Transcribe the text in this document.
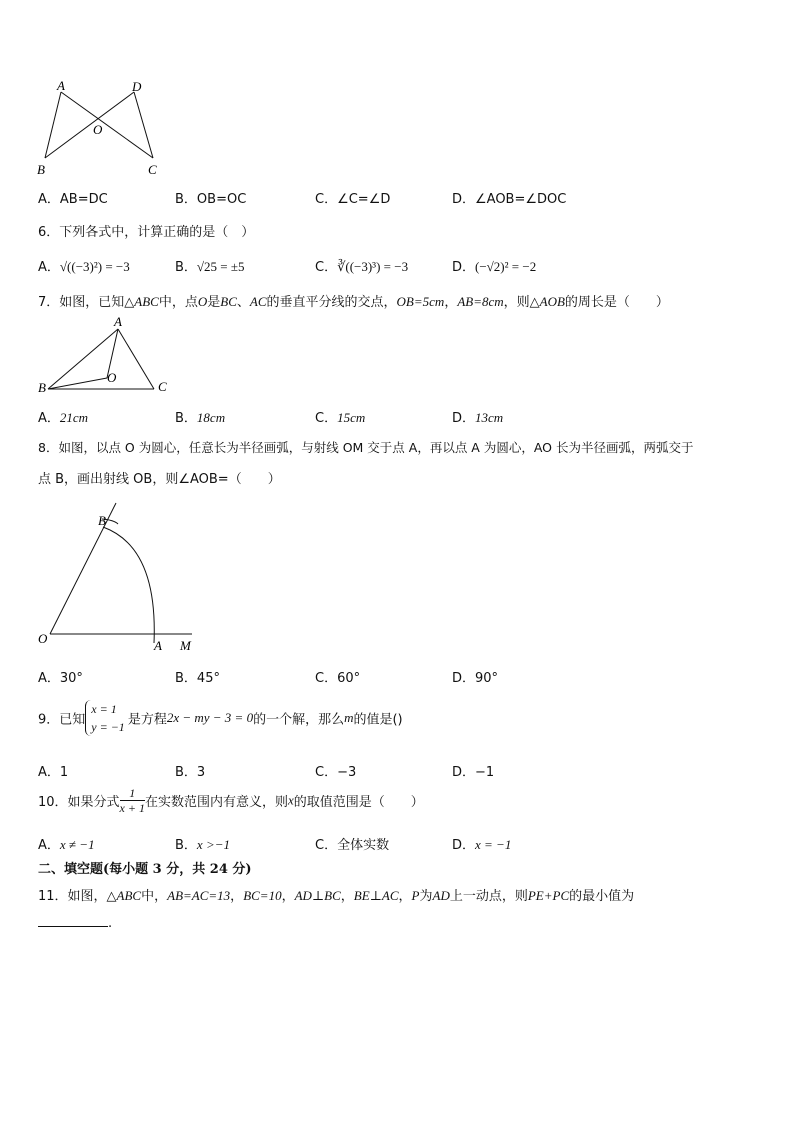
A	D
O
B	C
A．AB=DC	B．OB=OC	C．∠C=∠D	D．∠AOB=∠DOC
6．下列各式中，计算正确的是（　）
A．√((−3)²) = −3	B．√25 = ±5	C．∛((−3)³) = −3	D．(−√2)² = −2
7．如图，已知△ABC中，点O是BC、AC的垂直平分线的交点，OB=5cm，AB=8cm，则△AOB的周长是（　　）
A
B
O
C
A．21cm	B．18cm	C．15cm	D．13cm
8．如图，以点 O 为圆心，任意长为半径画弧，与射线 OM 交于点 A，再以点 A 为圆心，AO 长为半径画弧，两弧交于
点 B，画出射线 OB，则∠AOB=（　　）
B
O	A M
A．30°	B．45°	C．60°	D．90°
9．已知
x = 1
y = −1 是方程2x − my − 3 = 0的一个解，那么m的值是()
A．1	B．3	C．−3	D．−1
10．如果分式 $\frac{1}{x + 1}$ 在实数范围内有意义，则x的取值范围是（　　）
A．x ≠ −1	B．x >−1	C．全体实数	D．x = −1
二、填空题(每小题 3 分，共 24 分)
11．如图，△ABC中，AB=AC=13，BC=10，AD⊥BC，BE⊥AC，P为AD上一动点，则PE+PC的最小值为
.
